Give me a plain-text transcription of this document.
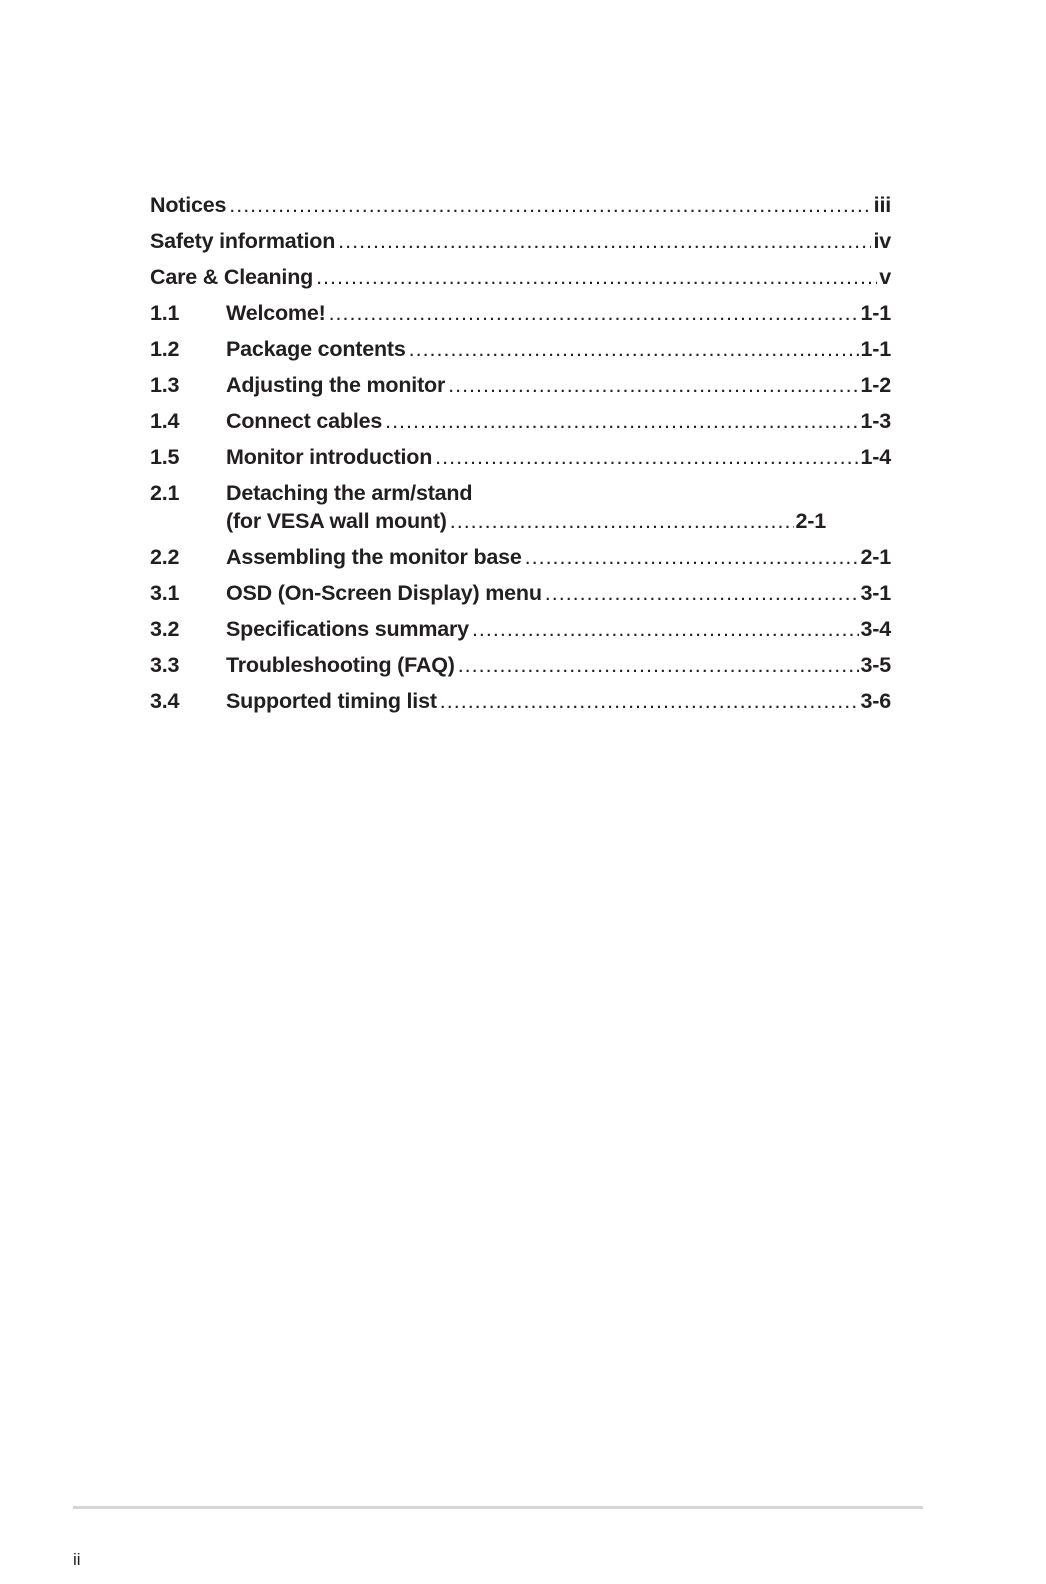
Notices .....	iii
Safety information .....	iv
Care & Cleaning .....	v
1.1	Welcome! .....	1-1
1.2	Package contents .....	1-1
1.3	Adjusting the monitor .....	1-2
1.4	Connect cables .....	1-3
1.5	Monitor introduction .....	1-4
2.1	Detaching the arm/stand
(for VESA wall mount) .....	2-1
2.2	Assembling the monitor base .....	2-1
3.1	OSD (On-Screen Display) menu .....	3-1
3.2	Specifications summary .....	3-4
3.3	Troubleshooting (FAQ) .....	3-5
3.4	Supported timing list .....	3-6
ii
